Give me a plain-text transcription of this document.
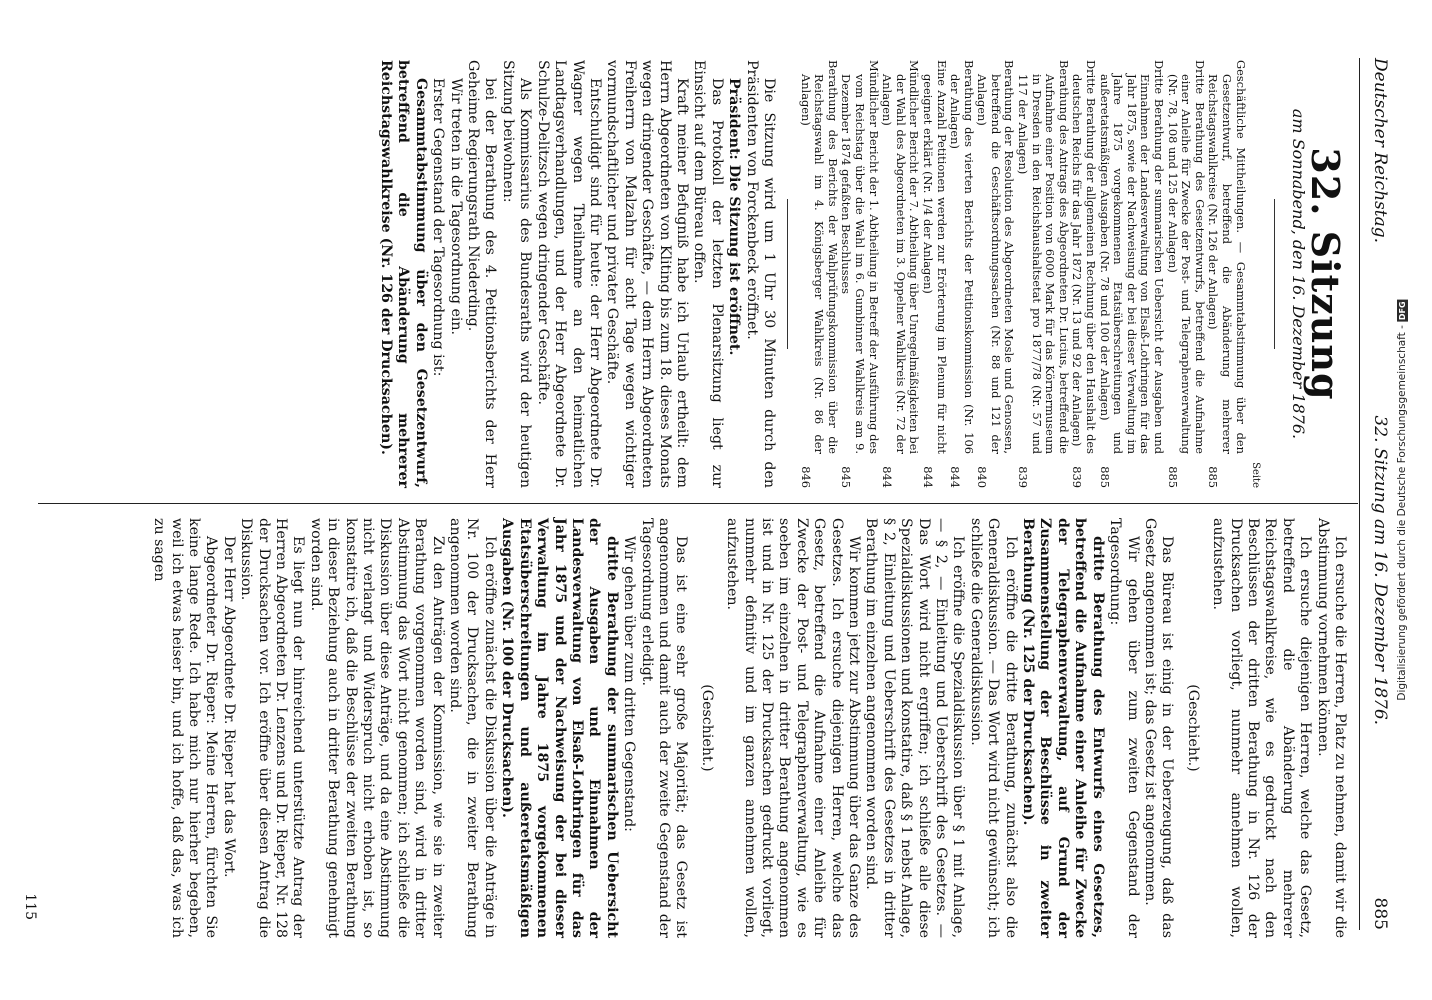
Deutscher Reichstag.
32. Sitzung am 16. Dezember 1876.
885
32. Sitzung
am Sonnabend, den 16. Dezember 1876.
Seite
Geschäftliche Mittheilungen. — Gesammtabstimmung über den Gesetzentwurf, betreffend die Abänderung mehrerer Reichstagswahlkreise (Nr. 126 der Anlagen)
885
Dritte Berathung des Gesetzentwurfs, betreffend die Aufnahme einer Anleihe für Zwecke der Post- und Telegraphenverwaltung (Nr. 78, 108 und 125 der Anlagen)
885
Dritte Berathung der summarischen Uebersicht der Ausgaben und Einnahmen der Landesverwaltung von Elsaß-Lothringen für das Jahr 1875, sowie der Nachweisung der bei dieser Verwaltung im Jahre 1875 vorgekommenen Etatsüberschreitungen und außeretatsmäßigen Ausgaben (Nr. 78 und 100 der Anlagen)
885
Dritte Berathung der allgemeinen Rechnung über den Haushalt des deutschen Reichs für das Jahr 1872 (Nr. 13 und 92 der Anlagen)
839
Berathung des Antrags des Abgeordneten Dr. Lucius, betreffend die Aufnahme einer Position von 6000 Mark für das Körnermuseum in Dresden in den Reichshaushaltsetat pro 1877/78 (Nr. 57 und 117 der Anlagen)
839
Berathung der Resolution des Abgeordneten Mosle und Genossen, betreffend die Geschäftsordnungssachen (Nr. 88 und 121 der Anlagen)
840
Berathung des vierten Berichts der Petitionskommission (Nr. 106 der Anlagen)
844
Eine Anzahl Petitionen werden zur Erörterung im Plenum für nicht geeignet erklärt (Nr. 1/4 der Anlagen)
844
Mündlicher Bericht der 7. Abtheilung über Unregelmäßigkeiten bei der Wahl des Abgeordneten im 3. Oppelner Wahlkreis (Nr. 72 der Anlagen)
844
Mündlicher Bericht der 1. Abtheilung in Betreff der Ausführung des vom Reichstag über die Wahl im 6. Gumbinner Wahlkreis am 9. Dezember 1874 gefaßten Beschlusses
845
Berathung des Berichts der Wahlprüfungskommission über die Reichstagswahl im 4. Königsberger Wahlkreis (Nr. 86 der Anlagen)
846

Die Sitzung wird um 1 Uhr 30 Minuten durch den Präsidenten von Forckenbeck eröffnet.

Präsident: Die Sitzung ist eröffnet.

Das Protokoll der letzten Plenarsitzung liegt zur Einsicht auf dem Büreau offen.

Kraft meiner Befugniß habe ich Urlaub ertheilt: dem Herrn Abgeordneten von Kliting bis zum 18. dieses Monats wegen dringender Geschäfte, — dem Herrn Abgeordneten Freiherrn von Malzahn für acht Tage wegen wichtiger vormundschaftlicher und privater Geschäfte.

Entschuldigt sind für heute: der Herr Abgeordnete Dr. Wagner wegen Theilnahme an den heimatlichen Landtagsverhandlungen, und der Herr Abgeordnete Dr. Schulze-Delitzsch wegen dringender Geschäfte.

Als Kommissarius des Bundesraths wird der heutigen Sitzung beiwohnen:

bei der Berathung des 4. Petitionsberichts der Herr Geheime Regierungsrath Niederding.

Wir treten in die Tagesordnung ein.

Erster Gegenstand der Tagesordnung ist:

Gesammtabstimmung über den Gesetzentwurf, betreffend die Abänderung mehrerer Reichstagswahlkreise (Nr. 126 der Drucksachen).

Ich ersuche die Herren, Platz zu nehmen, damit wir die Abstimmung vornehmen können.

Ich ersuche diejenigen Herren, welche das Gesetz, betreffend die Abänderung mehrerer Reichstagswahlkreise, wie es gedruckt nach den Beschlüssen der dritten Berathung in Nr. 126 der Drucksachen vorliegt, nunmehr annehmen wollen, aufzustehen.

(Geschieht.)

Das Büreau ist einig in der Ueberzeugung, daß das Gesetz angenommen ist; das Gesetz ist angenommen.

Wir gehen über zum zweiten Gegenstand der Tagesordnung:

dritte Berathung des Entwurfs eines Gesetzes, betreffend die Aufnahme einer Anleihe für Zwecke der Telegraphenverwaltung, auf Grund der Zusammenstellung der Beschlüsse in zweiter Berathung (Nr. 125 der Drucksachen).

Ich eröffne die dritte Berathung, zunächst also die Generaldiskussion. — Das Wort wird nicht gewünscht; ich schließe die Generaldiskussion.

Ich eröffne die Spezialdiskussion über § 1 mit Anlage, — § 2, — Einleitung und Ueberschrift des Gesetzes. — Das Wort wird nicht ergriffen; ich schließe alle diese Spezialdiskussionen und konstatire, daß § 1 nebst Anlage, § 2, Einleitung und Ueberschrift des Gesetzes in dritter Berathung im einzelnen angenommen worden sind.

Wir kommen jetzt zur Abstimmung über das Ganze des Gesetzes. Ich ersuche diejenigen Herren, welche das Gesetz, betreffend die Aufnahme einer Anleihe für Zwecke der Post- und Telegraphenverwaltung, wie es soeben im einzelnen in dritter Berathung angenommen ist und in Nr. 125 der Drucksachen gedruckt vorliegt, nunmehr definitiv und im ganzen annehmen wollen, aufzustehen.

(Geschieht.)

Das ist eine sehr große Majorität; das Gesetz ist angenommen und damit auch der zweite Gegenstand der Tagesordnung erledigt.

Wir gehen über zum dritten Gegenstand:

dritte Berathung der summarischen Uebersicht der Ausgaben und Einnahmen der Landesverwaltung von Elsaß-Lothringen für das Jahr 1875 und der Nachweisung der bei dieser Verwaltung im Jahre 1875 vorgekommenen Etatsüberschreitungen und außeretatsmäßigen Ausgaben (Nr. 100 der Drucksachen).

Ich eröffne zunächst die Diskussion über die Anträge in Nr. 100 der Drucksachen, die in zweiter Berathung angenommen worden sind.

Zu den Anträgen der Kommission, wie sie in zweiter Berathung vorgenommen worden sind, wird in dritter Abstimmung das Wort nicht genommen; ich schließe die Diskussion über diese Anträge, und da eine Abstimmung nicht verlangt und Widerspruch nicht erhoben ist, so konstatire ich, daß die Beschlüsse der zweiten Berathung in dieser Beziehung auch in dritter Berathung genehmigt worden sind.

Es liegt nun der hinreichend unterstützte Antrag der Herren Abgeordneten Dr. Lenzens und Dr. Rieper, Nr. 128 der Drucksachen vor. Ich eröffne über diesen Antrag die Diskussion.

Der Herr Abgeordnete Dr. Rieper hat das Wort.

Abgeordneter Dr. Rieper: Meine Herren, fürchten Sie keine lange Rede. Ich habe mich nur hierher begeben, weil ich etwas heiser bin, und ich hoffe, daß das, was ich zu sagen

115
Digitalisierung gefördert durch die Deutsche Forschungsgemeinschaft -DFG
